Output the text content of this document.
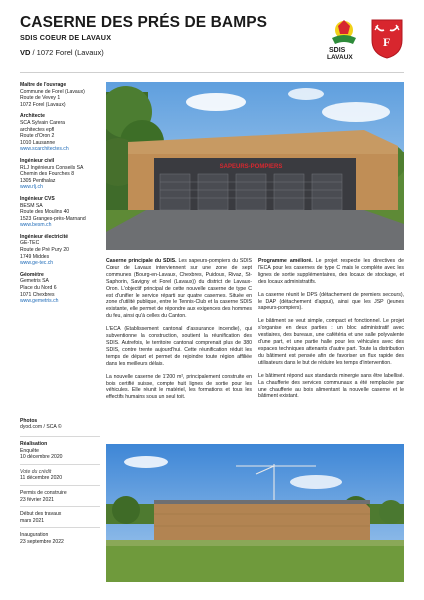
CASERNE DES PRÉS DE BAMPS
SDIS COEUR DE LAVAUX
VD / 1072 Forel (Lavaux)	SDIS
LAVAUX
F
Maître de l'ouvrage
Commune de Forel (Lavaux)
Route de Vevey 1
1072 Forel (Lavaux)
Architecte
SCA Sylvain Carera
architectes epfl
Route d'Oron 2
1010 Lausanne
www.scarchitectes.ch
Ingénieur civil
RLJ Ingénieurs Conseils SA
Chemin des Fourches 8
1305 Penthalaz
www.rlj.ch
Ingénieur CVS
BESM SA
Route des Moulins 40
1523 Granges-près-Marnand
www.besm.ch
Ingénieur électricité
GE-TEC
Route de Pré Pury 20
1749 Middes
www.ge-tec.ch
Géomètre
Gemetris SA
Place du Nord 6
1071 Chexbres
www.gemetris.ch
Photos
dyod.com / SCA ©
Réalisation
Enquête
10 décembre 2020
Vote du crédit
11 décembre 2020
Permis de construire
23 février 2021
Début des travaux
mars 2021
Inauguration
23 septembre 2022
SAPEURS-POMPIERS

Caserne principale du SDIS. Les sapeurs-pompiers du SDIS Cœur de Lavaux interviennent sur une zone de sept communes (Bourg-en-Lavaux, Chexbres, Puidoux, Rivaz, St-Saphorin, Savigny et Forel (Lavaux)) du district de Lavaux-Oron. L'objectif principal de cette nouvelle caserne de type C est d'unifier le service réparti sur quatre casernes. Située en zone d'utilité publique, entre le Tennis-Club et la caserne SDIS existante, elle permet de répondre aux exigences des hommes du feu, ainsi qu'à celles du Canton.

L'ECA (Etablissement cantonal d'assurance incendie), qui subventionne la construction, soutient la réunification des SDIS. Autrefois, le territoire cantonal comprenait plus de 380 SDIS, contre trente aujourd'hui. Cette réunification réduit les temps de départ et permet de rejoindre toute région affiliée dans les meilleurs délais.

La nouvelle caserne de 1'200 m², principalement construite en bois certifié suisse, compte huit lignes de sortie pour les véhicules. Elle réunit le matériel, les formations et tous les effectifs humains sous un seul toit.

Programme amélioré. Le projet respecte les directives de l'ECA pour les casernes de type C mais le complète avec les lignes de sortie supplémentaires, des locaux de stockage, et des locaux administratifs.

La caserne réunit le DPS (détachement de premiers secours), le DAP (détachement d'appui), ainsi que les JSP (jeunes sapeurs-pompiers).

Le bâtiment se veut simple, compact et fonctionnel. Le projet s'organise en deux parties : un bloc administratif avec vestiaires, des bureaux, une cafétéria et une salle polyvalente d'une part, et une partie halle pour les véhicules avec des espaces techniques attenants d'autre part. Toute la distribution du bâtiment est pensée afin de favoriser un flux rapide des utilisateurs dans le but de réduire les temps d'intervention.

Le bâtiment répond aux standards minergie sans être labellisé. La chaufferie des services communaux a été remplacée par une chaufferie au bois alimentant la nouvelle caserne et le bâtiment existant.
